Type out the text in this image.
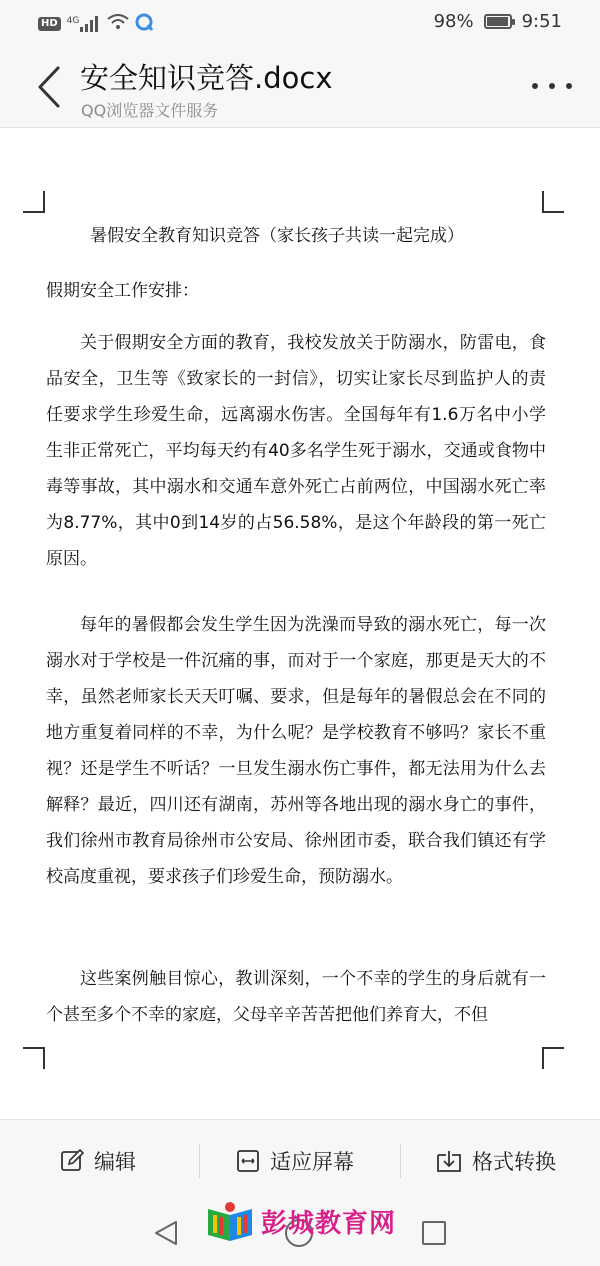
HD	4G	98%	9:51
安全知识竞答.docx
QQ浏览器文件服务
暑假安全教育知识竞答（家长孩子共读一起完成）
假期安全工作安排：

关于假期安全方面的教育，我校发放关于防溺水，防雷电，食品安全，卫生等《致家长的一封信》，切实让家长尽到监护人的责任要求学生珍爱生命，远离溺水伤害。全国每年有1.6万名中小学生非正常死亡，平均每天约有40多名学生死于溺水，交通或食物中毒等事故，其中溺水和交通车意外死亡占前两位，中国溺水死亡率为8.77%，其中0到14岁的占56.58%，是这个年龄段的第一死亡原因。

每年的暑假都会发生学生因为洗澡而导致的溺水死亡，每一次溺水对于学校是一件沉痛的事，而对于一个家庭，那更是天大的不幸，虽然老师家长天天叮嘱、要求，但是每年的暑假总会在不同的地方重复着同样的不幸，为什么呢？是学校教育不够吗？家长不重视？还是学生不听话？一旦发生溺水伤亡事件，都无法用为什么去解释？最近，四川还有湖南，苏州等各地出现的溺水身亡的事件，我们徐州市教育局徐州市公安局、徐州团市委，联合我们镇还有学校高度重视，要求孩子们珍爱生命，预防溺水。

这些案例触目惊心，教训深刻，一个不幸的学生的身后就有一个甚至多个不幸的家庭，父母辛辛苦苦把他们养育大，不但

编辑	适应屏幕	格式转换
彭城教育网
